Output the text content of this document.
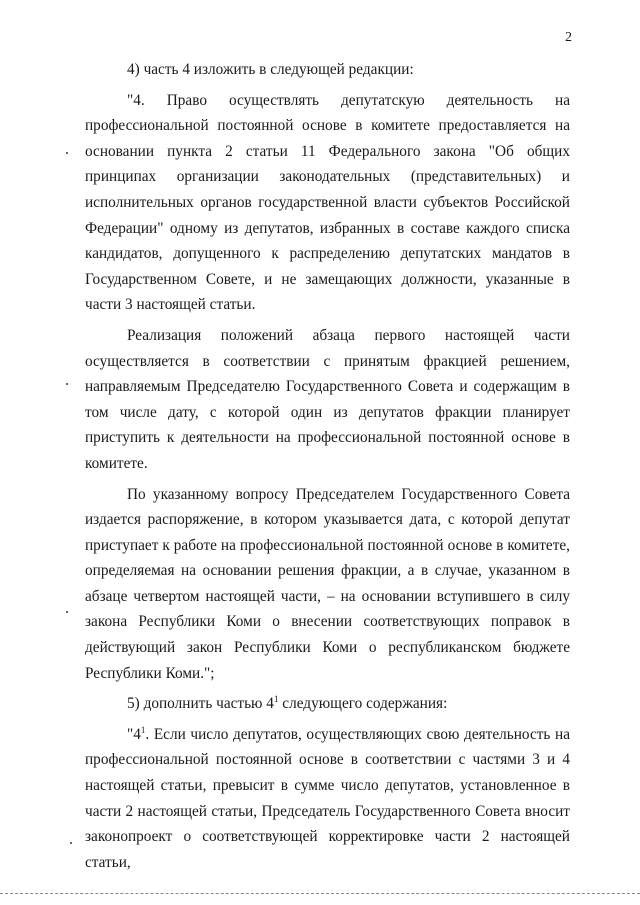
2

4) часть 4 изложить в следующей редакции:

"4. Право осуществлять депутатскую деятельность на профессиональной постоянной основе в комитете предоставляется на основании пункта 2 статьи 11 Федерального закона "Об общих принципах организации законодательных (представительных) и исполнительных органов государственной власти субъектов Российской Федерации" одному из депутатов, избранных в составе каждого списка кандидатов, допущенного к распределению депутатских мандатов в Государственном Совете, и не замещающих должности, указанные в части 3 настоящей статьи.

Реализация положений абзаца первого настоящей части осуществляется в соответствии с принятым фракцией решением, направляемым Председателю Государственного Совета и содержащим в том числе дату, с которой один из депутатов фракции планирует приступить к деятельности на профессиональной постоянной основе в комитете.

По указанному вопросу Председателем Государственного Совета издается распоряжение, в котором указывается дата, с которой депутат приступает к работе на профессиональной постоянной основе в комитете, определяемая на основании решения фракции, а в случае, указанном в абзаце четвертом настоящей части, – на основании вступившего в силу закона Республики Коми о внесении соответствующих поправок в действующий закон Республики Коми о республиканском бюджете Республики Коми.";

5) дополнить частью $4^1$ следующего содержания:

"$4^1$. Если число депутатов, осуществляющих свою деятельность на профессиональной постоянной основе в соответствии с частями 3 и 4 настоящей статьи, превысит в сумме число депутатов, установленное в части 2 настоящей статьи, Председатель Государственного Совета вносит законопроект о соответствующей корректировке части 2 настоящей статьи,
